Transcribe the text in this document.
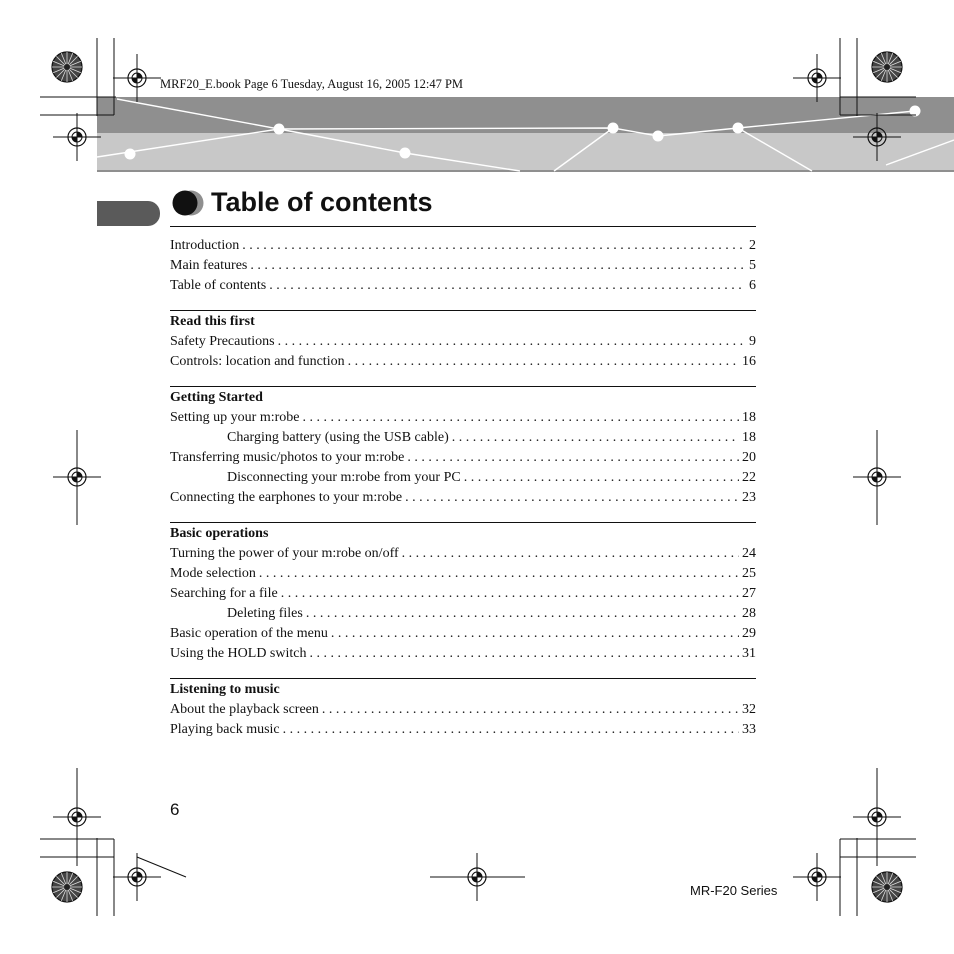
MRF20_E.book Page 6 Tuesday, August 16, 2005 12:47 PM
Table of contents
Introduction . . .	2
Main features . . .	5
Table of contents . . .	6
Read this first
Safety Precautions . . .	9
Controls: location and function . . .	16
Getting Started
Setting up your m:robe . . .	18
Charging battery (using the USB cable) . . .	18
Transferring music/photos to your m:robe . . .	20
Disconnecting your m:robe from your PC . . .	22
Connecting the earphones to your m:robe . . .	23
Basic operations
Turning the power of your m:robe on/off . . .	24
Mode selection . . .	25
Searching for a file . . .	27
Deleting files . . .	28
Basic operation of the menu . . .	29
Using the HOLD switch . . .	31
Listening to music
About the playback screen . . .	32
Playing back music . . .	33
6
MR-F20 Series
